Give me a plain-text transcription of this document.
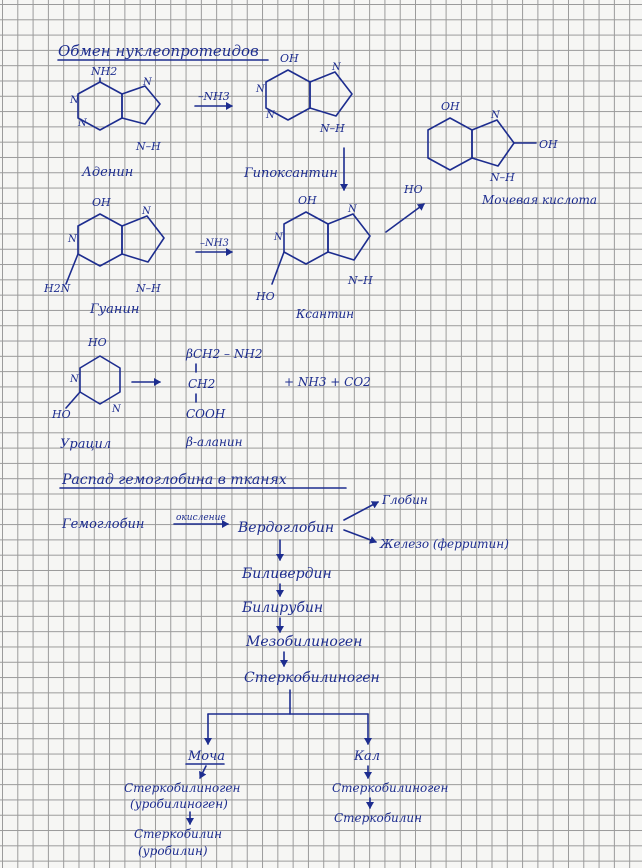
Обмен нуклеопротеидов
NH2
N
N
N
N–H
Аденин
–NH3
OH
N
N
N
N–H
Гипоксантин
OH
OH
HO
N–H
N
Мочевая кислота
OH
H2N
N
N
N–H
Гуанин
–NH3
OH
HO
N
N
N–H
Ксантин
HO
HO
N
N
Урацил
βCH2 – NH2
CH2
COOH
β-аланин
+ NH3 + CO2
Распад гемоглобина в тканях
Гемоглобин	окисление
Вердоглобин
Глобин
Железо (ферритин)
Биливердин
Билирубин
Мезобилиноген
Стеркобилиноген
Моча	Кал
Стеркобилиноген
(уробилиноген)
Стеркобилин
(уробилин)
Стеркобилиноген
Стеркобилин
